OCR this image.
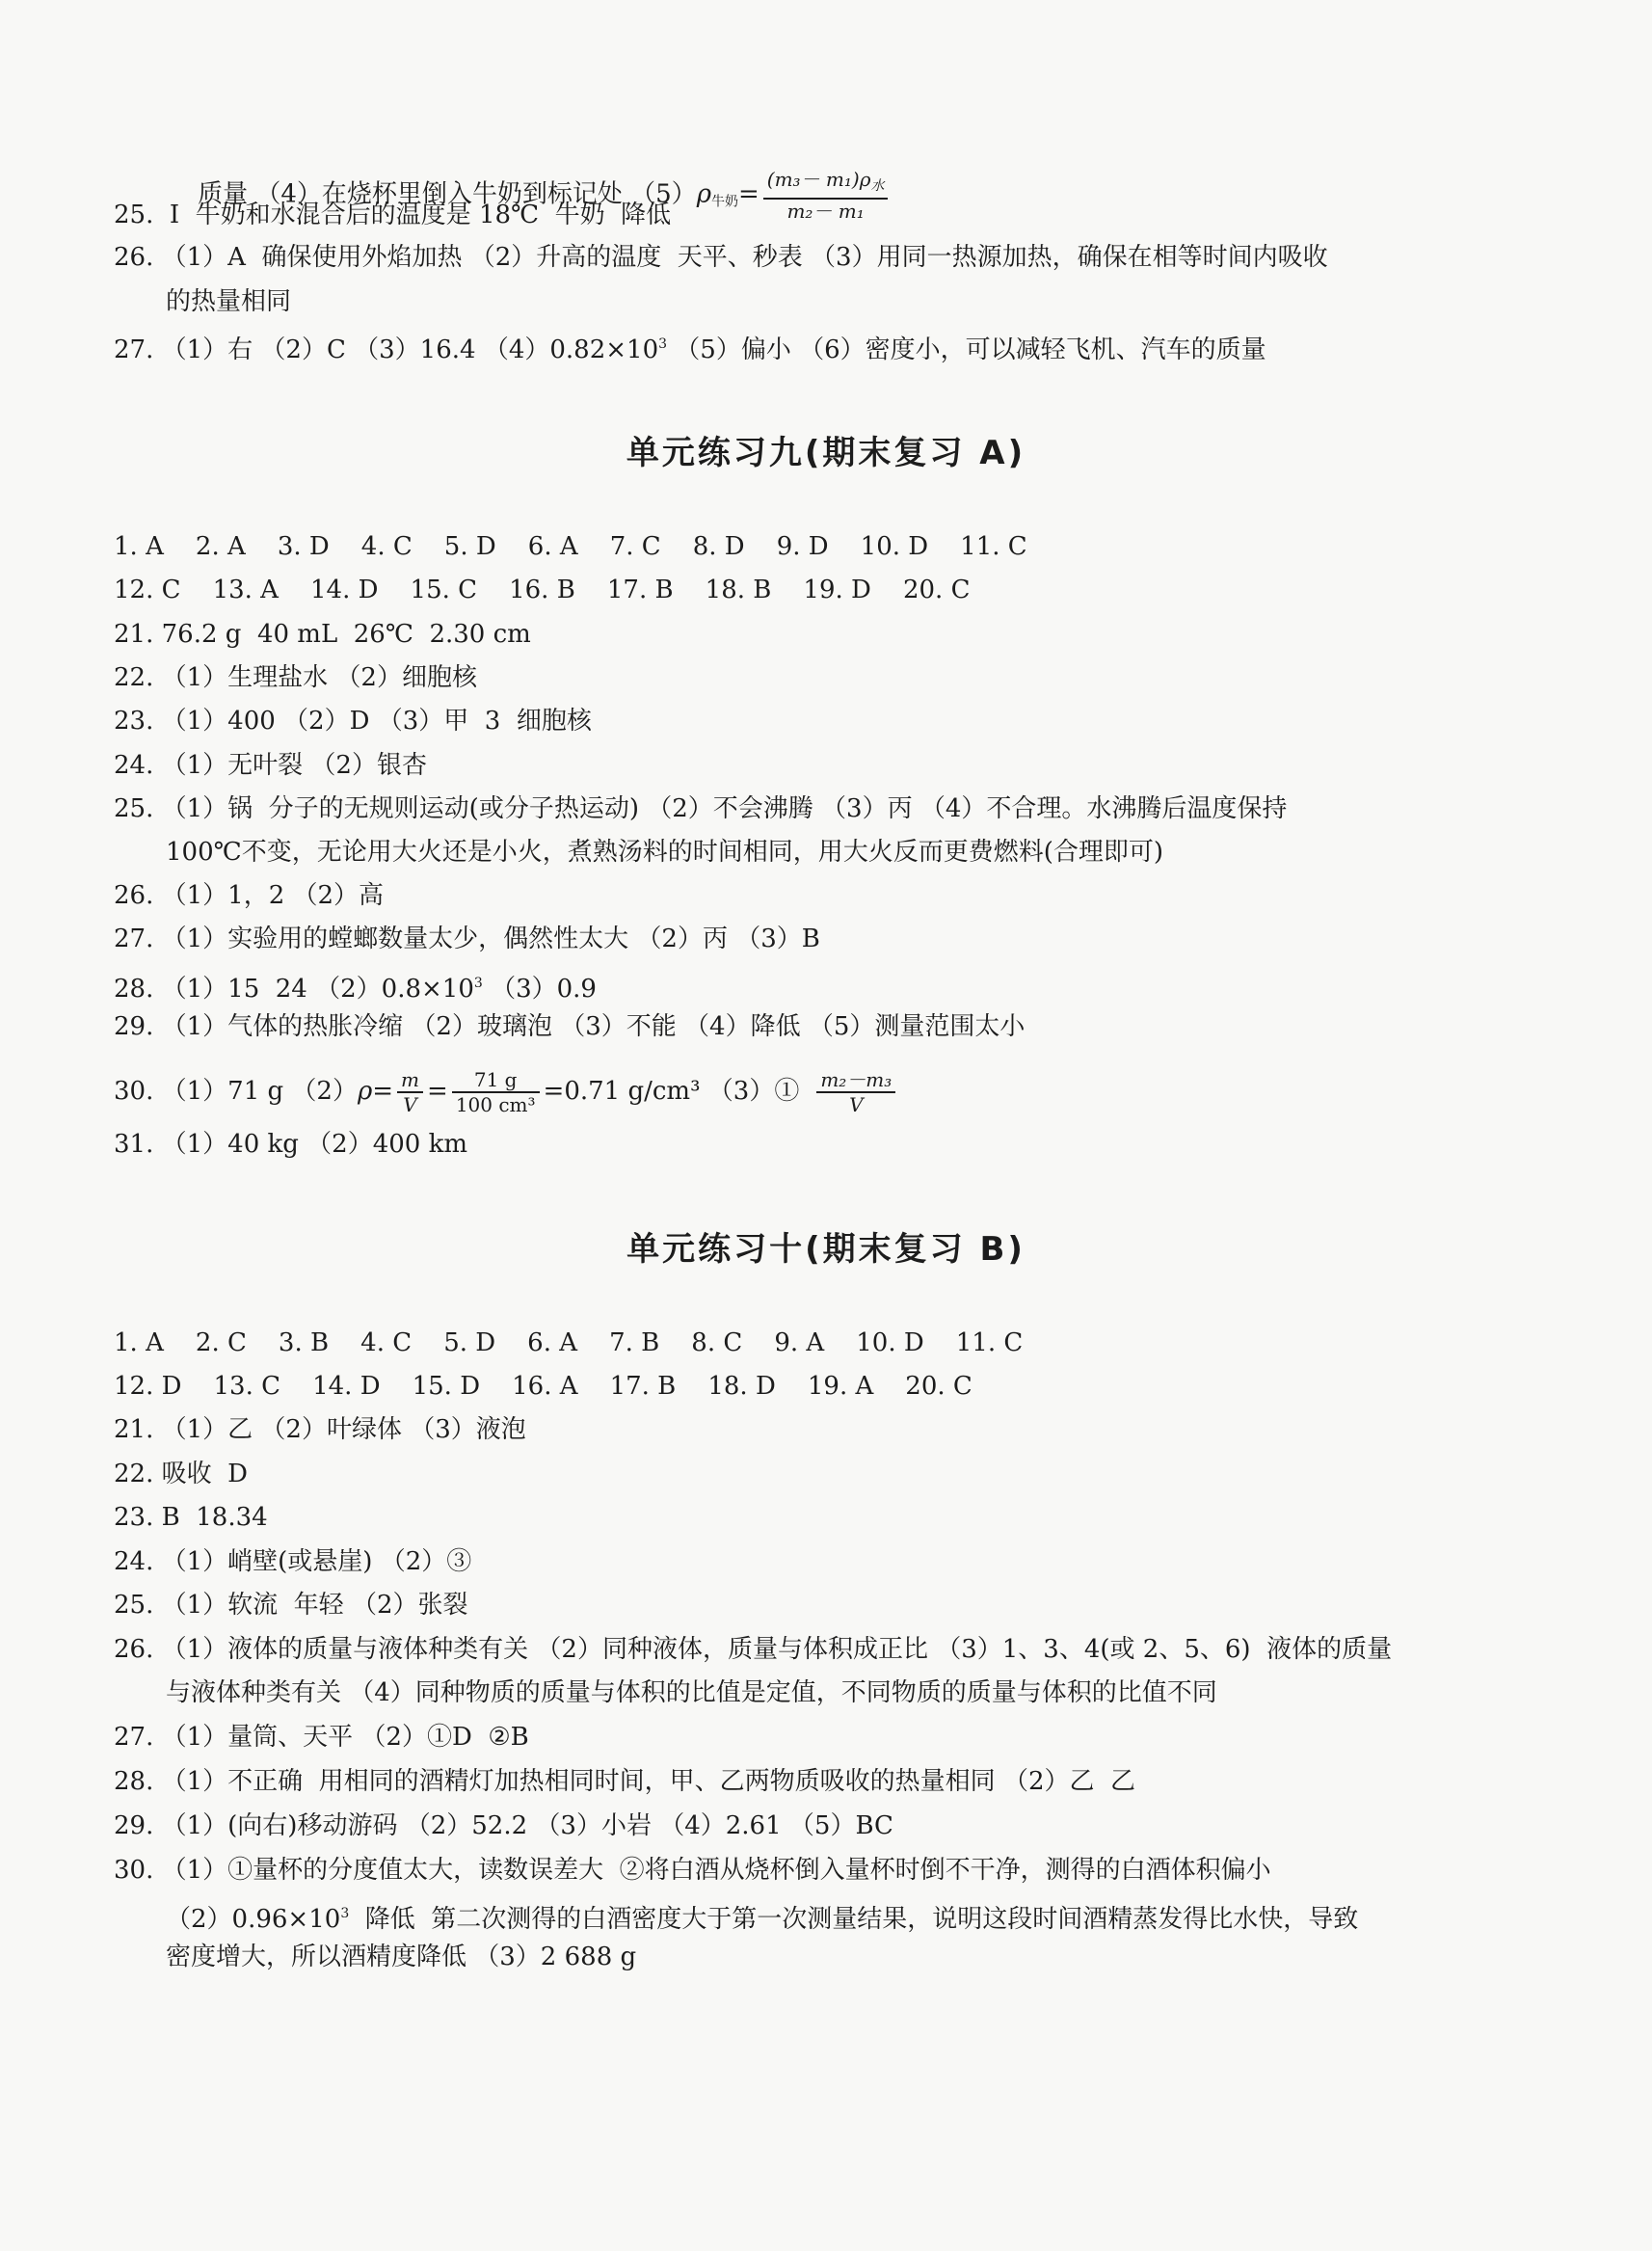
质量 （4）在烧杯里倒入牛奶到标记处 $(5)\rho_{牛奶}= \frac{(m_3- m_1)\rho_水}{\text{m₂－ m₁}}$

25.  Ⅰ  牛奶和水混合后的温度是 18℃  牛奶  降低
26. （1）A  确保使用外焰加热 （2）升高的温度  天平、秒表 （3）用同一热源加热，确保在相等时间内吸收
的热量相同
27. （1）右 （2）C （3）16.4 $(4)0.82\times 10^3$ （5）偏小 （6）密度小，可以减轻飞机、汽车的质量
单元练习九(期末复习 A)
1. A    2. A    3. D    4. C    5. D    6. A    7. C    8. D    9. D    10. D    11. C
12. C    13. A    14. D    15. C    16. B    17. B    18. B    19. D    20. C
21. 76.2 g  40 mL  26℃  2.30 cm
22. （1）生理盐水 （2）细胞核
23. （1）400 （2）D （3）甲  3  细胞核
24. （1）无叶裂 （2）银杏
25. （1）锅  分子的无规则运动(或分子热运动) （2）不会沸腾 （3）丙 （4）不合理。水沸腾后温度保持
100℃不变，无论用大火还是小火，煮熟汤料的时间相同，用大火反而更费燃料(合理即可)
26. （1）1，2 （2）高
27. （1）实验用的螳螂数量太少，偶然性太大 （2）丙 （3）B
28. （1）15  24 $(2)0.8\times 10^3$ （3）0.9
29. （1）气体的热胀冷缩 （2）玻璃泡 （3）不能 （4）降低 （5）测量范围太小
30. （1）71 g $(2)\rho= \frac{m}{V} = \frac{71 g}{\text{100 cm³}} =0.71$ g/cm³ （3）① $\frac{\text{m₂－m₃}}{V}$
31. （1）40 kg （2）400 km
单元练习十(期末复习 B)
1. A    2. C    3. B    4. C    5. D    6. A    7. B    8. C    9. A    10. D    11. C
12. D    13. C    14. D    15. D    16. A    17. B    18. D    19. A    20. C
21. （1）乙 （2）叶绿体 （3）液泡
22. 吸收  D
23. B  18.34
24. （1）峭壁(或悬崖) （2）③
25. （1）软流  年轻 （2）张裂
26. （1）液体的质量与液体种类有关 （2）同种液体，质量与体积成正比 （3）1、3、4(或 2、5、6)  液体的质量
与液体种类有关 （4）同种物质的质量与体积的比值是定值，不同物质的质量与体积的比值不同
27. （1）量筒、天平 （2）①D  ②B
28. （1）不正确  用相同的酒精灯加热相同时间，甲、乙两物质吸收的热量相同 （2）乙  乙
29. （1）(向右)移动游码 （2）52.2 （3）小岩 （4）2.61 （5）BC
30. （1）①量杯的分度值太大，读数误差大  ②将白酒从烧杯倒入量杯时倒不干净，测得的白酒体积偏小
$(2)0.96\times 10^3$  降低  第二次测得的白酒密度大于第一次测量结果，说明这段时间酒精蒸发得比水快，导致
密度增大，所以酒精度降低 （3）2 688 g
